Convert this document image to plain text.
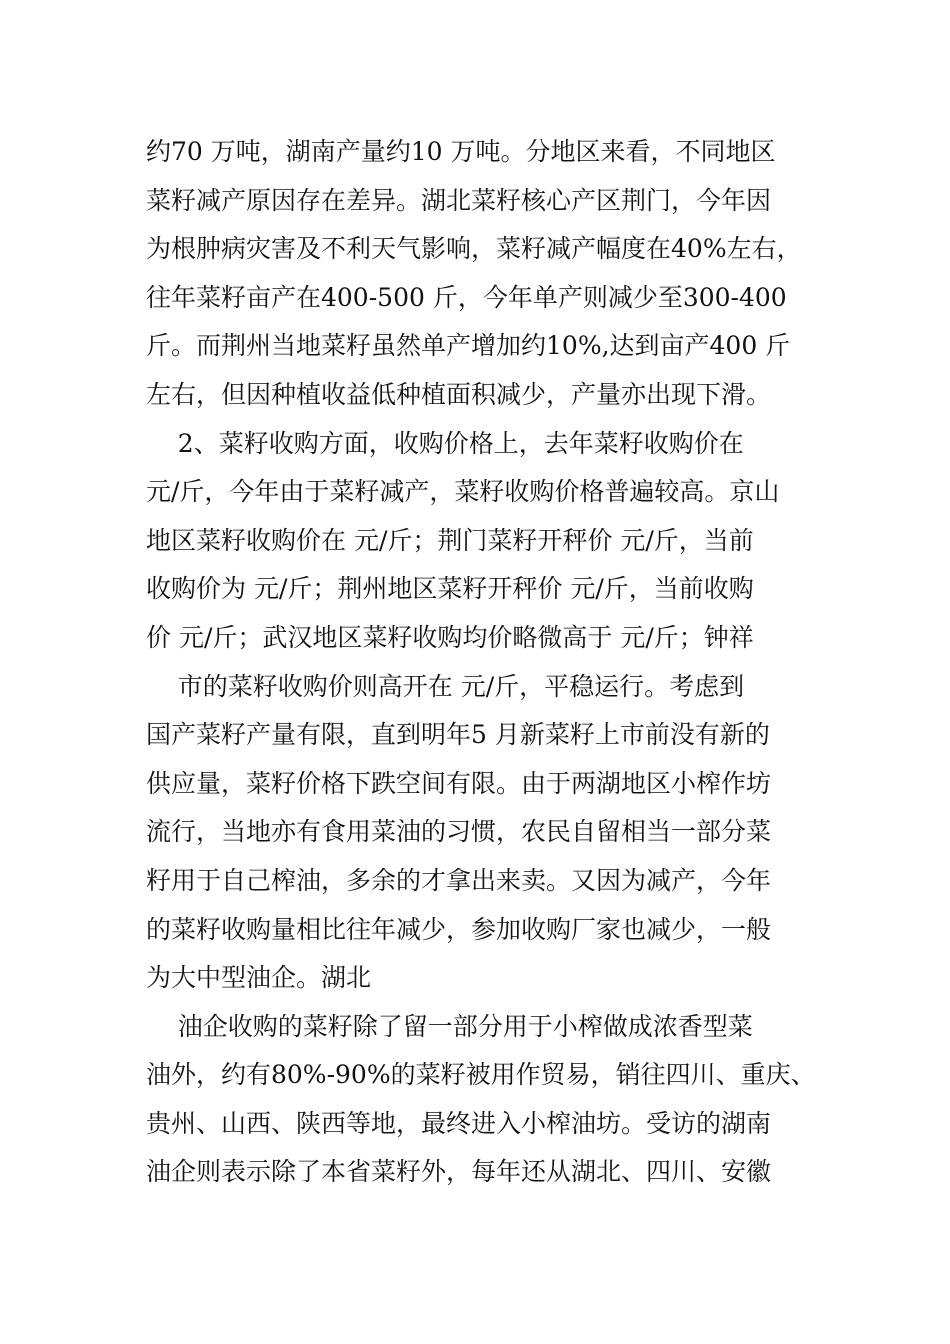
约70 万吨，湖南产量约10 万吨。分地区来看，不同地区
菜籽减产原因存在差异。湖北菜籽核心产区荆门，今年因
为根肿病灾害及不利天气影响，菜籽减产幅度在40%左右，
往年菜籽亩产在400-500 斤，今年单产则减少至300-400
斤。而荆州当地菜籽虽然单产增加约10%,达到亩产400 斤
左右，但因种植收益低种植面积减少，产量亦出现下滑。
2、菜籽收购方面，收购价格上，去年菜籽收购价在
元/斤，今年由于菜籽减产，菜籽收购价格普遍较高。京山
地区菜籽收购价在 元/斤；荆门菜籽开秤价 元/斤，当前
收购价为 元/斤；荆州地区菜籽开秤价 元/斤，当前收购
价 元/斤；武汉地区菜籽收购均价略微高于 元/斤；钟祥
市的菜籽收购价则高开在 元/斤，平稳运行。考虑到
国产菜籽产量有限，直到明年5 月新菜籽上市前没有新的
供应量，菜籽价格下跌空间有限。由于两湖地区小榨作坊
流行，当地亦有食用菜油的习惯，农民自留相当一部分菜
籽用于自己榨油，多余的才拿出来卖。又因为减产，今年
的菜籽收购量相比往年减少，参加收购厂家也减少，一般
为大中型油企。湖北
油企收购的菜籽除了留一部分用于小榨做成浓香型菜
油外，约有80%-90%的菜籽被用作贸易，销往四川、重庆、
贵州、山西、陕西等地，最终进入小榨油坊。受访的湖南
油企则表示除了本省菜籽外，每年还从湖北、四川、安徽
